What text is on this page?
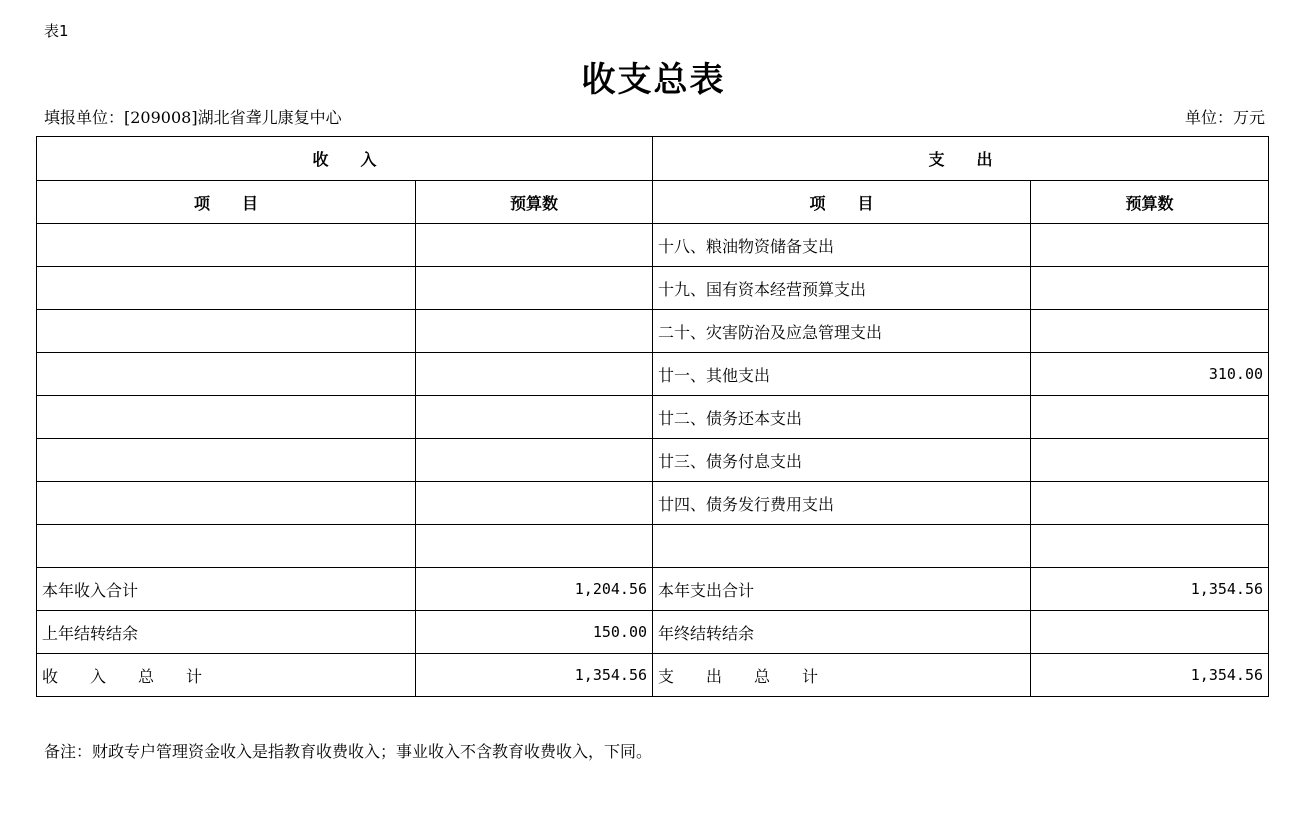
表1
收支总表
填报单位：[209008]湖北省聋儿康复中心	单位：万元
收　　入		支　　出	
项　　目	预算数	项　　目	预算数
		十八、粮油物资储备支出	
		十九、国有资本经营预算支出	
		二十、灾害防治及应急管理支出	
		廿一、其他支出	310.00
		廿二、债务还本支出	
		廿三、债务付息支出	
		廿四、债务发行费用支出	

本年收入合计	1,204.56	本年支出合计	1,354.56
上年结转结余	150.00	年终结转结余	
收　　入　　总　　计	1,354.56	支　　出　　总　　计	1,354.56
备注：财政专户管理资金收入是指教育收费收入；事业收入不含教育收费收入，下同。
